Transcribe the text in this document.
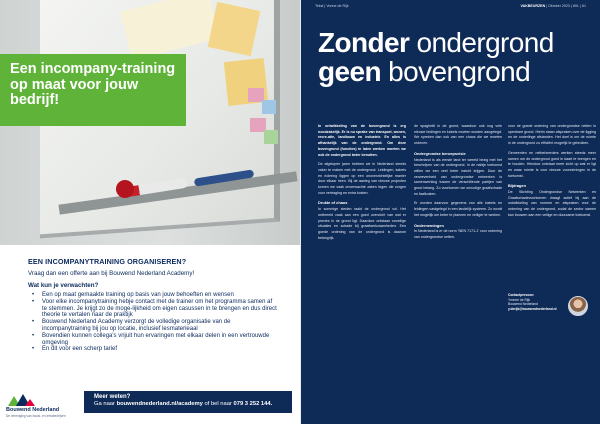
Een incompany-training op maat voor jouw bedrijf!
EEN INCOMPANYTRAINING ORGANISEREN?
Vraag dan een offerte aan bij Bouwend Nederland Academy!
Wat kun je verwachten?
• Een op maat gemaakte training op basis van jouw behoeften en wensen
• Voor elke incompanytraining hebje contact met de trainer om het programma samen af te stemmen. Je krijgt zo de moge-lijkheid om eigen casussen in te brengen en dus direct theorie te vertalen naar de praktijk
• Bouwend Nederland Academy verzorgt de volledige organisatie van de incompanytraining bij jou op locatie, inclusief lesmaterieaal
• Bovendien kunnen collega's vrijuit hun ervaringen met elkaar delen in een vertrouwde omgeving
• En dit voor een scherp tarief
Bouwend Nederland
De vereniging van bouw- en infrabedrijven
Meer weten?
Ga naar bouwendnederland.nl/academy of bel naar 079 3 252 144.
Tekst | Vonne de Rijk	VAKBEURZEN | Oktober 2023 | WIL | 61
Zonder ondergrond
geen bovengrond

In ontwikkeling van de bovengrond is erg noodzakelijk. Er is nu sprake van transport, wonen, recre-atie, landbouw en industrie. En alles is afhankelijk van de ondergrond. Om deze bovengrond (functies) te laten werken moeten we ook de ondergrond beter benutten.

De afgelopen jaren hebben we in Nederland steeds vaker te maken met de ondergrond. Leidingen, kabels en riolering liggen op een onoverzichtelijke manier door elkaar heen. Bij de aanleg van nieuwe projecten komen we vaak onverwachte zaken tegen die zorgen voor vertraging en extra kosten.

Drukte of chaos

In sommige steden raakt de ondergrond vol. Het ontbreekt vaak aan een goed overzicht van wat er precies in de grond ligt. Daardoor ontstaan onveilige situaties en schade bij graafwerkzaamheden. Een goede ordening van de ondergrond is daarom belangrijk.

de spaghetti in de grond, waardoor ook nog vele nieuwe leidingen en kabels moeten worden aangelegd. We spreken dan ook van een chaos die we moeten ordenen.

Ondergrondse beroepsvisie

Nederland is als eerste land ter wereld bezig met het beschrijven van de ondergrond. In de nabije toekomst willen we een veel beter inzicht krijgen. Door de verwevenheid van ondergrondse netwerken is samenwerking tussen de verschillende partijen van groot belang. Zo voorkomen we onnodige graafschade en faalkosten.

Er worden daarvoor gegevens van alle kabels en leidingen vastgelegd in een landelijk systeem. Zo wordt het mogelijk om beter te plannen en veiliger te werken.

Ondernemingen

In Nederland is er de norm 'NEN 7171-1' voor ordening van ondergrondse netten.

voor de goede ordening van ondergrondse netten in openbare grond. Hierin staan afspraken over de ligging en de onderlinge afstanden. Het doel is om de ruimte in de ondergrond zo efficiënt mogelijk te gebruiken.

Gemeenten en netbeheerders werken steeds meer samen om de ondergrond goed in kaart te brengen en te houden. Hierdoor ontstaat meer zicht op wat er ligt en waar ruimte is voor nieuwe voorzieningen in de toekomst.

Bijdragen

De Stichting Ondergrondse Netwerken en Graafschadevoorkomen draagt actief bij aan de ontwikkeling van normen en afspraken voor de ordening van de ondergrond, zodat de sector samen kan bouwen aan een veilige en duurzame toekomst.

Contactpersoon:
Yvonne de Rijk
Bouwend Nederland
y.derijk@bouwendnederland.nl
